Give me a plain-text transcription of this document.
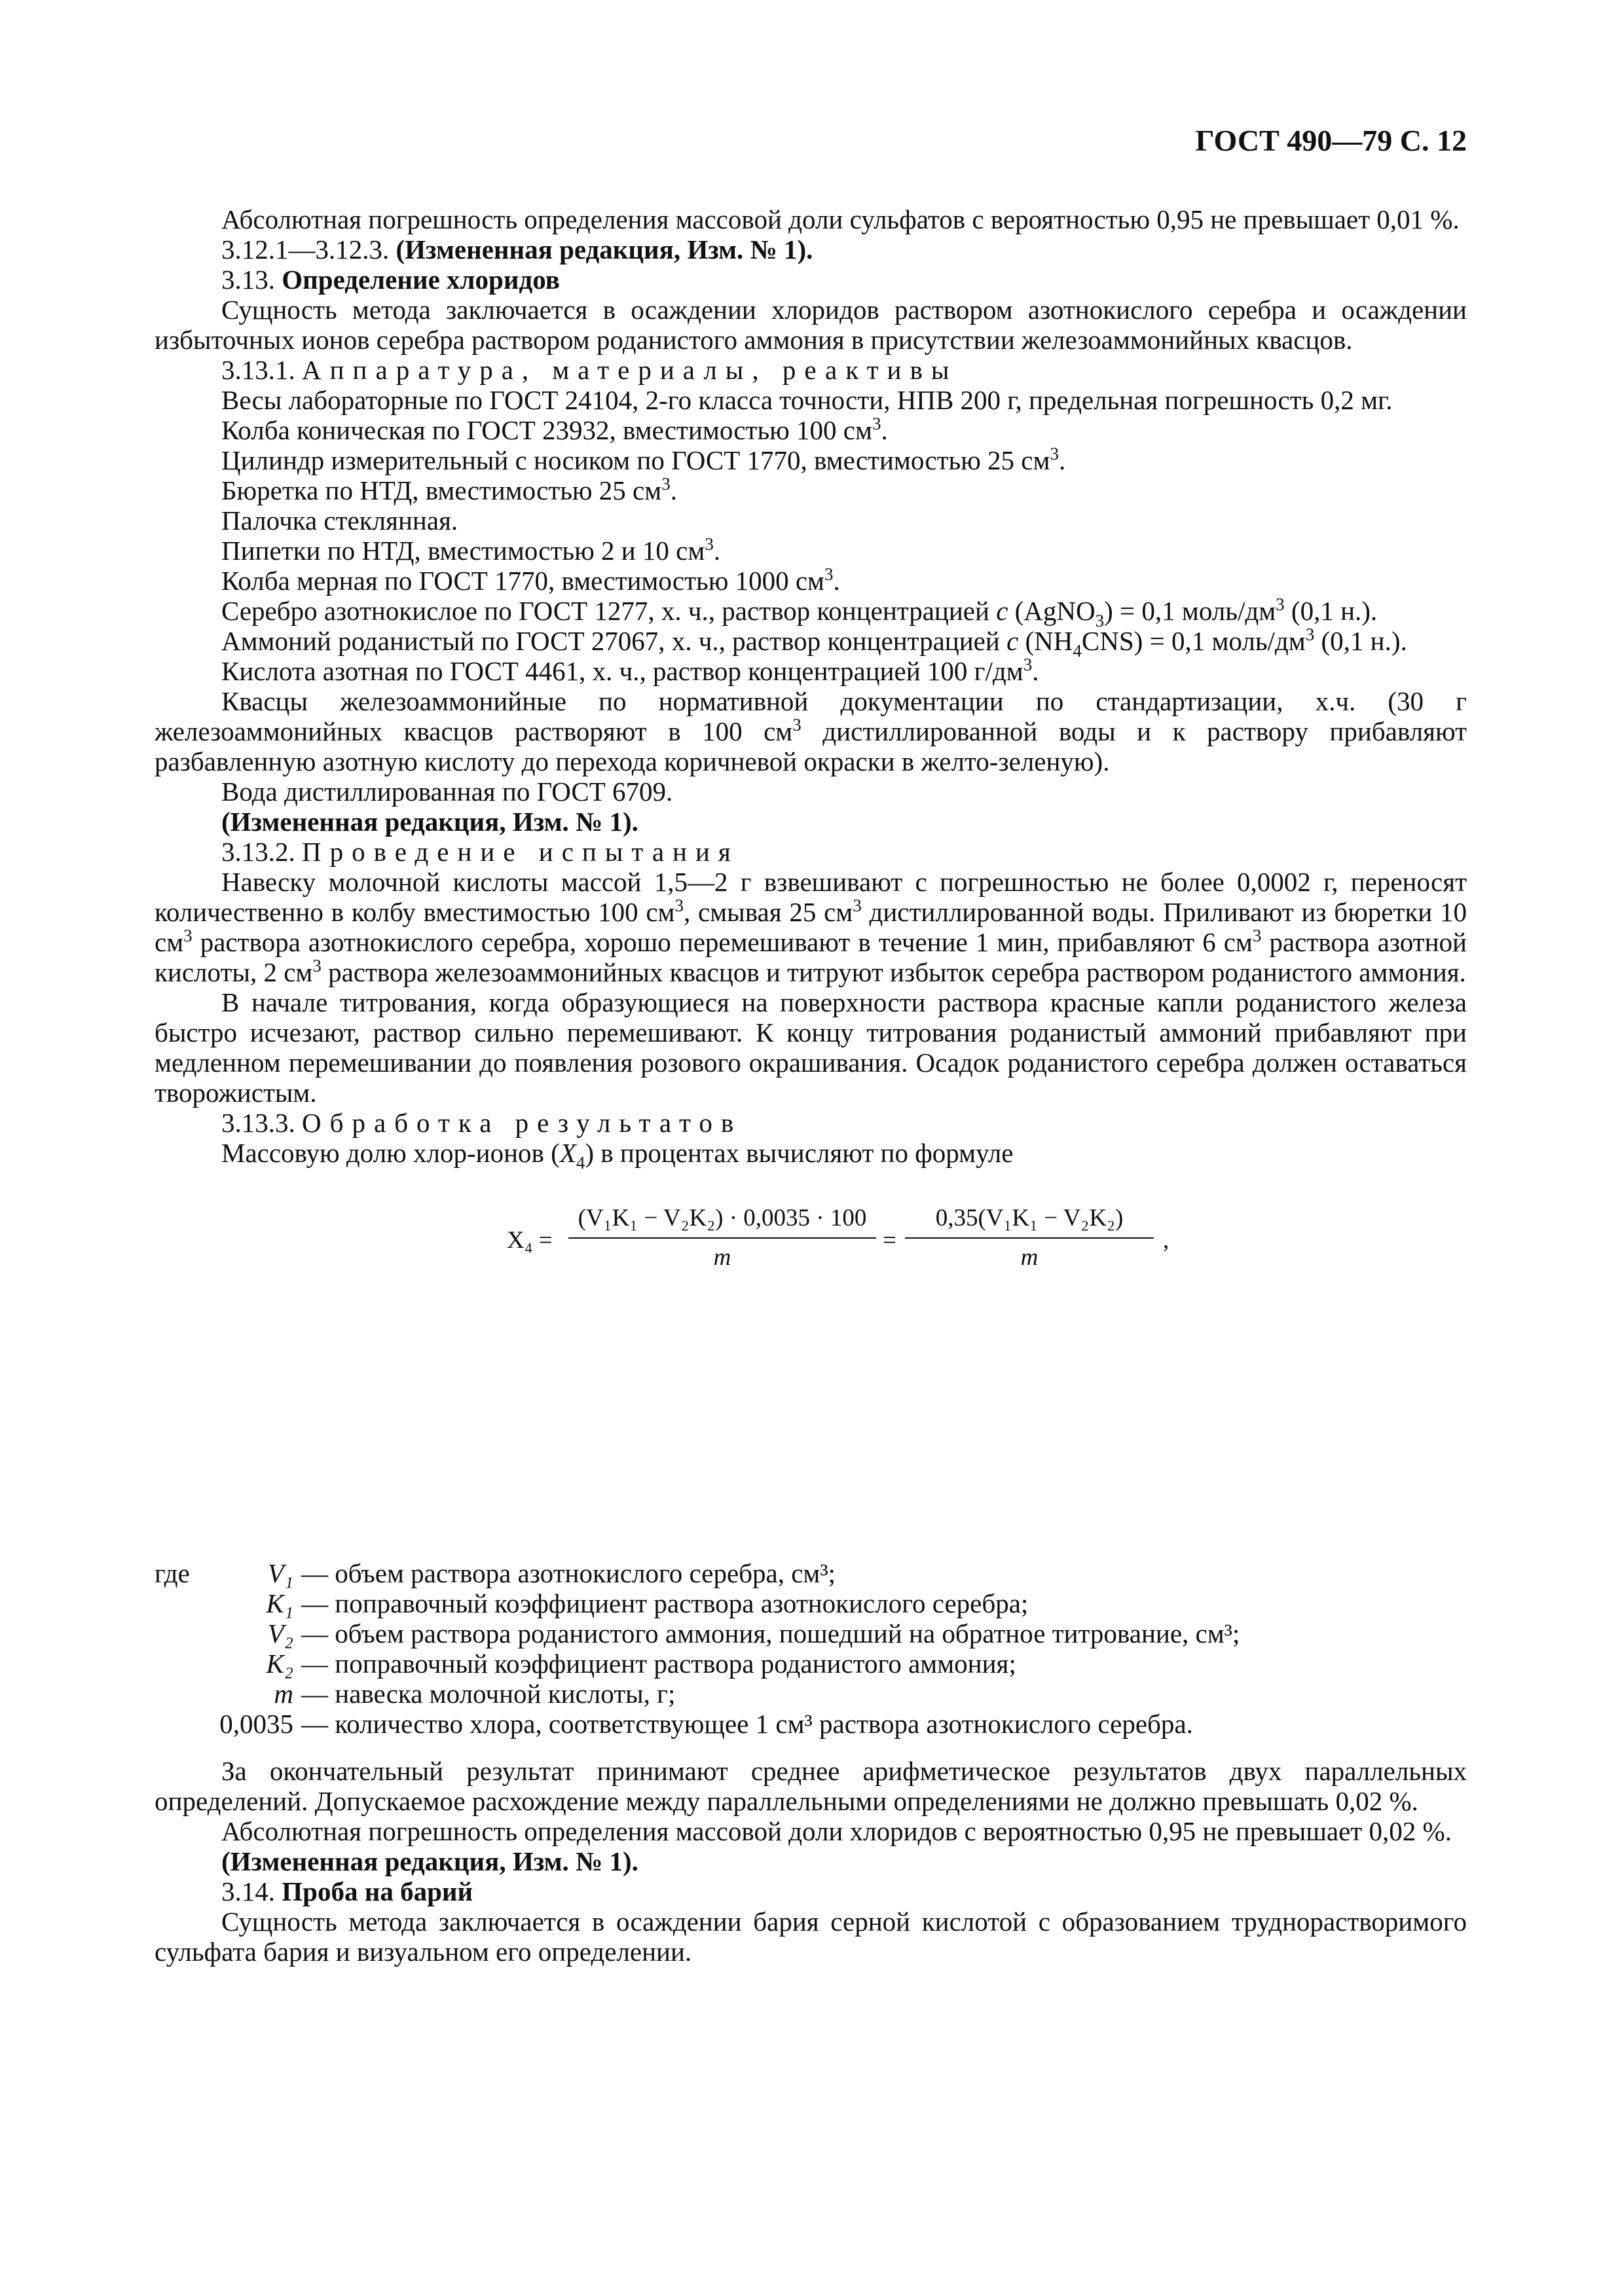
ГОСТ 490—79 С. 12

Абсолютная погрешность определения массовой доли сульфатов с вероятностью 0,95 не превышает 0,01 %.

3.12.1—3.12.3. (Измененная редакция, Изм. № 1).

3.13. Определение хлоридов

Сущность метода заключается в осаждении хлоридов раствором азотнокислого серебра и осаждении избыточных ионов серебра раствором роданистого аммония в присутствии железоаммонийных квасцов.

3.13.1. Аппаратура, материалы, реактивы

Весы лабораторные по ГОСТ 24104, 2-го класса точности, НПВ 200 г, предельная погрешность 0,2 мг.

Колба коническая по ГОСТ 23932, вместимостью 100 $см^3$.

Цилиндр измерительный с носиком по ГОСТ 1770, вместимостью 25 $см^3$.

Бюретка по НТД, вместимостью 25 $см^3$.

Палочка стеклянная.

Пипетки по НТД, вместимостью 2 и 10 $см^3$.

Колба мерная по ГОСТ 1770, вместимостью 1000 $см^3$.

Серебро азотнокислое по ГОСТ 1277, х. ч., раствор концентрацией c (AgNO$_3$) = 0,1 моль/$дм^3$ (0,1 н.).

Аммоний роданистый по ГОСТ 27067, х. ч., раствор концентрацией c $(NH_4CNS) = 0,1$ моль/$дм^3$ (0,1 н.).

Кислота азотная по ГОСТ 4461, х. ч., раствор концентрацией 100 $г/дм^3$.

Квасцы железоаммонийные по нормативной документации по стандартизации, х.ч. (30 г железоаммонийных квасцов растворяют в 100 $см^3$ дистиллированной воды и к раствору прибавляют разбавленную азотную кислоту до перехода коричневой окраски в желто-зеленую).

Вода дистиллированная по ГОСТ 6709.

(Измененная редакция, Изм. № 1).

3.13.2. Проведение испытания

Навеску молочной кислоты массой 1,5—2 г взвешивают с погрешностью не более 0,0002 г, переносят количественно в колбу вместимостью 100 $см^3$, смывая 25 $см^3$ дистиллированной воды. Приливают из бюретки 10 $см^3$ раствора азотнокислого серебра, хорошо перемешивают в течение 1 мин, прибавляют 6 $см^3$ раствора азотной кислоты, 2 $см^3$ раствора железоаммонийных квасцов и титруют избыток серебра раствором роданистого аммония.

В начале титрования, когда образующиеся на поверхности раствора красные капли роданистого железа быстро исчезают, раствор сильно перемешивают. К концу титрования роданистый аммоний прибавляют при медленном перемешивании до появления розового окрашивания. Осадок роданистого серебра должен оставаться творожистым.

3.13.3. Обработка результатов

Массовую долю хлор-ионов $(X_4)$ в процентах вычисляют по формуле

$X_4 = \frac{\text{(V₁K₁ − V₂K₂) · 0,0035 · 100}}{m} = \frac{\text{0,35(V₁K₁ − V₂K₂)}}{m}$ ,
где	V₁ — объем раствора азотнокислого серебра, см³;
K₁ — поправочный коэффициент раствора азотнокислого серебра;
V₂ — объем раствора роданистого аммония, пошедший на обратное титрование, см³;
K₂ — поправочный коэффициент раствора роданистого аммония;
m — навеска молочной кислоты, г;
0,0035 — количество хлора, соответствующее 1 см³ раствора азотнокислого серебра.

За окончательный результат принимают среднее арифметическое результатов двух параллельных определений. Допускаемое расхождение между параллельными определениями не должно превышать 0,02 %.

Абсолютная погрешность определения массовой доли хлоридов с вероятностью 0,95 не превышает 0,02 %.

(Измененная редакция, Изм. № 1).

3.14. Проба на барий

Сущность метода заключается в осаждении бария серной кислотой с образованием труднорастворимого сульфата бария и визуальном его определении.
